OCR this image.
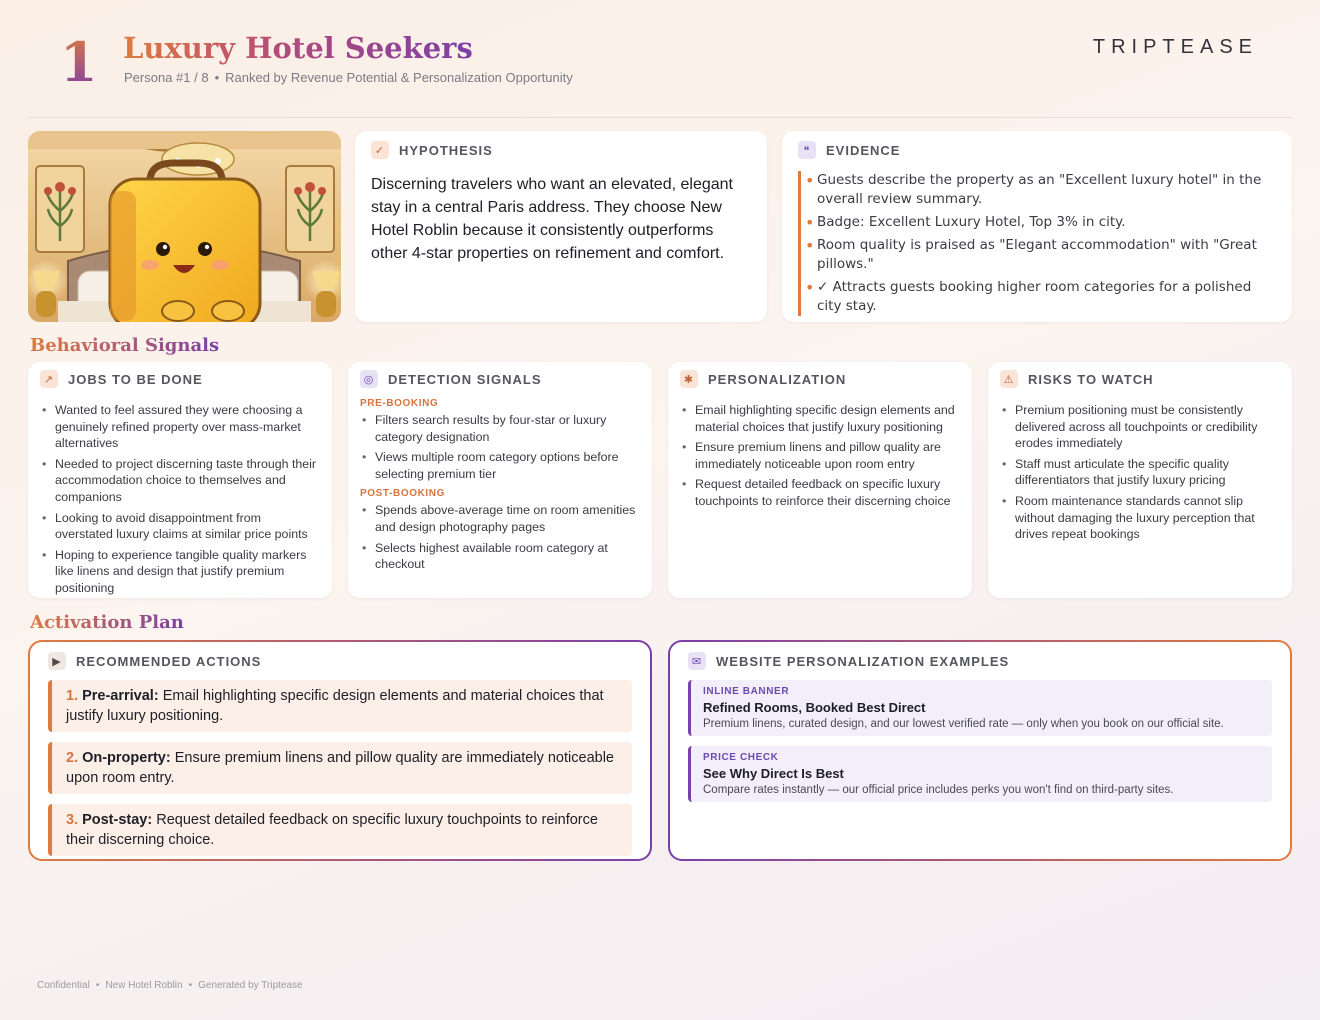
1 Luxury Hotel Seekers
Persona #1 / 8 • Ranked by Revenue Potential & Personalization Opportunity
TRIPTEASE
✓ HYPOTHESIS
Discerning travelers who want an elevated, elegant stay in a central Paris address. They choose New Hotel Roblin because it consistently outperforms other 4-star properties on refinement and comfort.
❝	EVIDENCE
• Guests describe the property as an "Excellent luxury hotel" in the overall review summary.
• Badge: Excellent Luxury Hotel, Top 3% in city.
• Room quality is praised as "Elegant accommodation" with "Great pillows."
• ✓ Attracts guests booking higher room categories for a polished city stay.
Behavioral Signals
↗ JOBS TO BE DONE
• Wanted to feel assured they were choosing a genuinely refined property over mass-market alternatives
• Needed to project discerning taste through their accommodation choice to themselves and companions
• Looking to avoid disappointment from overstated luxury claims at similar price points
• Hoping to experience tangible quality markers like linens and design that justify premium positioning
◎ DETECTION SIGNALS
PRE-BOOKING
• Filters search results by four-star or luxury category designation
• Views multiple room category options before selecting premium tier
POST-BOOKING
• Spends above-average time on room amenities and design photography pages
• Selects highest available room category at checkout
✱ PERSONALIZATION
• Email highlighting specific design elements and material choices that justify luxury positioning
• Ensure premium linens and pillow quality are immediately noticeable upon room entry
• Request detailed feedback on specific luxury touchpoints to reinforce their discerning choice
⚠ RISKS TO WATCH
• Premium positioning must be consistently delivered across all touchpoints or credibility erodes immediately
• Staff must articulate the specific quality differentiators that justify luxury pricing
• Room maintenance standards cannot slip without damaging the luxury perception that drives repeat bookings
Activation Plan
▶	RECOMMENDED ACTIONS
1. Pre-arrival: Email highlighting specific design elements and material choices that justify luxury positioning.
2. On-property: Ensure premium linens and pillow quality are immediately noticeable upon room entry.
3. Post-stay: Request detailed feedback on specific luxury touchpoints to reinforce their discerning choice.
✉ WEBSITE PERSONALIZATION EXAMPLES
INLINE BANNER
Refined Rooms, Booked Best Direct
Premium linens, curated design, and our lowest verified rate — only when you book on our official site.
PRICE CHECK
See Why Direct Is Best
Compare rates instantly — our official price includes perks you won't find on third-party sites.
Confidential • New Hotel Roblin • Generated by Triptease
